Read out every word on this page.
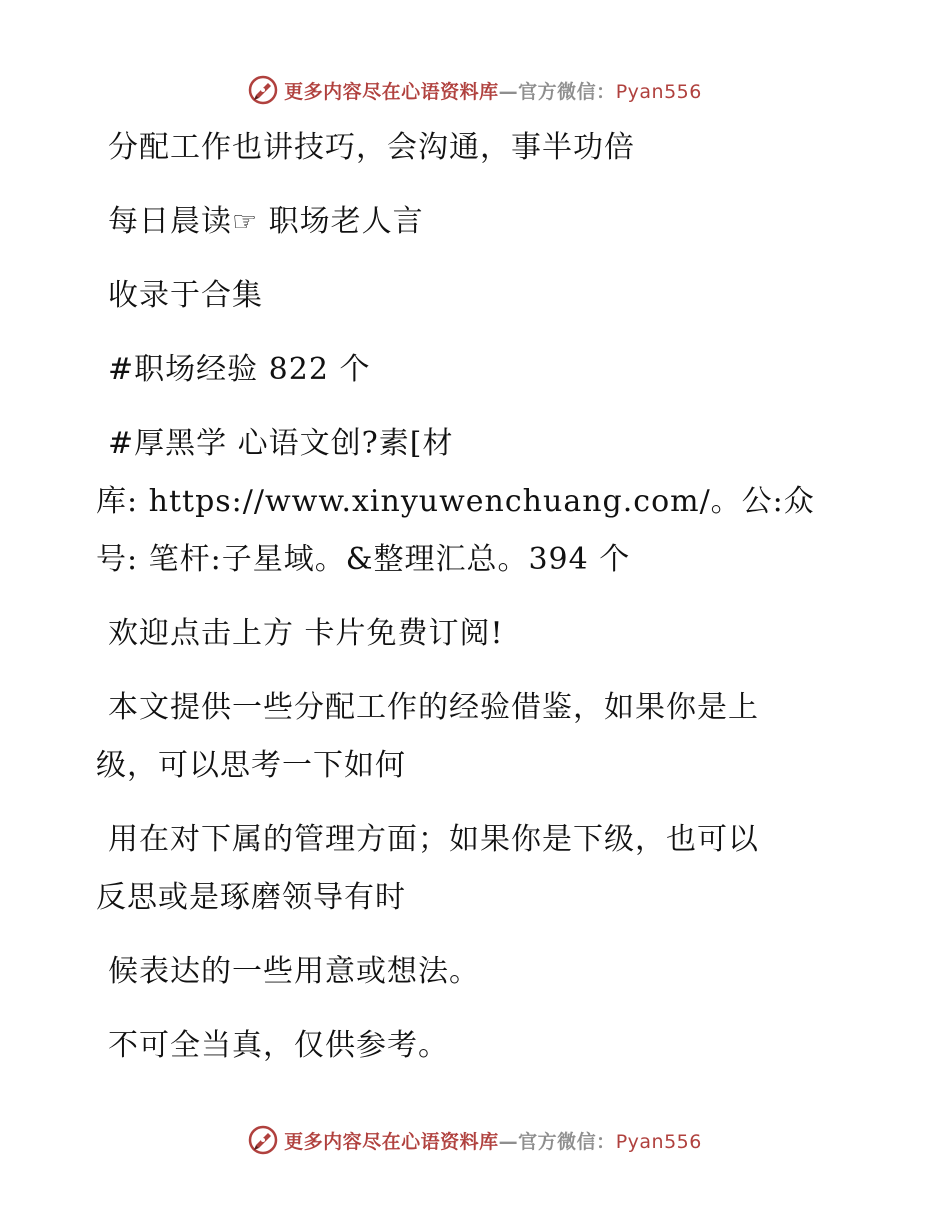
更多内容尽在心语资料库—官方微信：Pyan556
分配工作也讲技巧，会沟通，事半功倍
每日晨读☞ 职场老人言
收录于合集
#职场经验 822 个
#厚黑学 心语文创?素[材
库: https://www.xinyuwenchuang.com/。公:众
号: 笔杆:子星域。&整理汇总。394 个
欢迎点击上方 卡片免费订阅!
本文提供一些分配工作的经验借鉴，如果你是上
级，可以思考一下如何
用在对下属的管理方面；如果你是下级，也可以
反思或是琢磨领导有时
候表达的一些用意或想法。
不可全当真，仅供参考。
更多内容尽在心语资料库—官方微信：Pyan556
